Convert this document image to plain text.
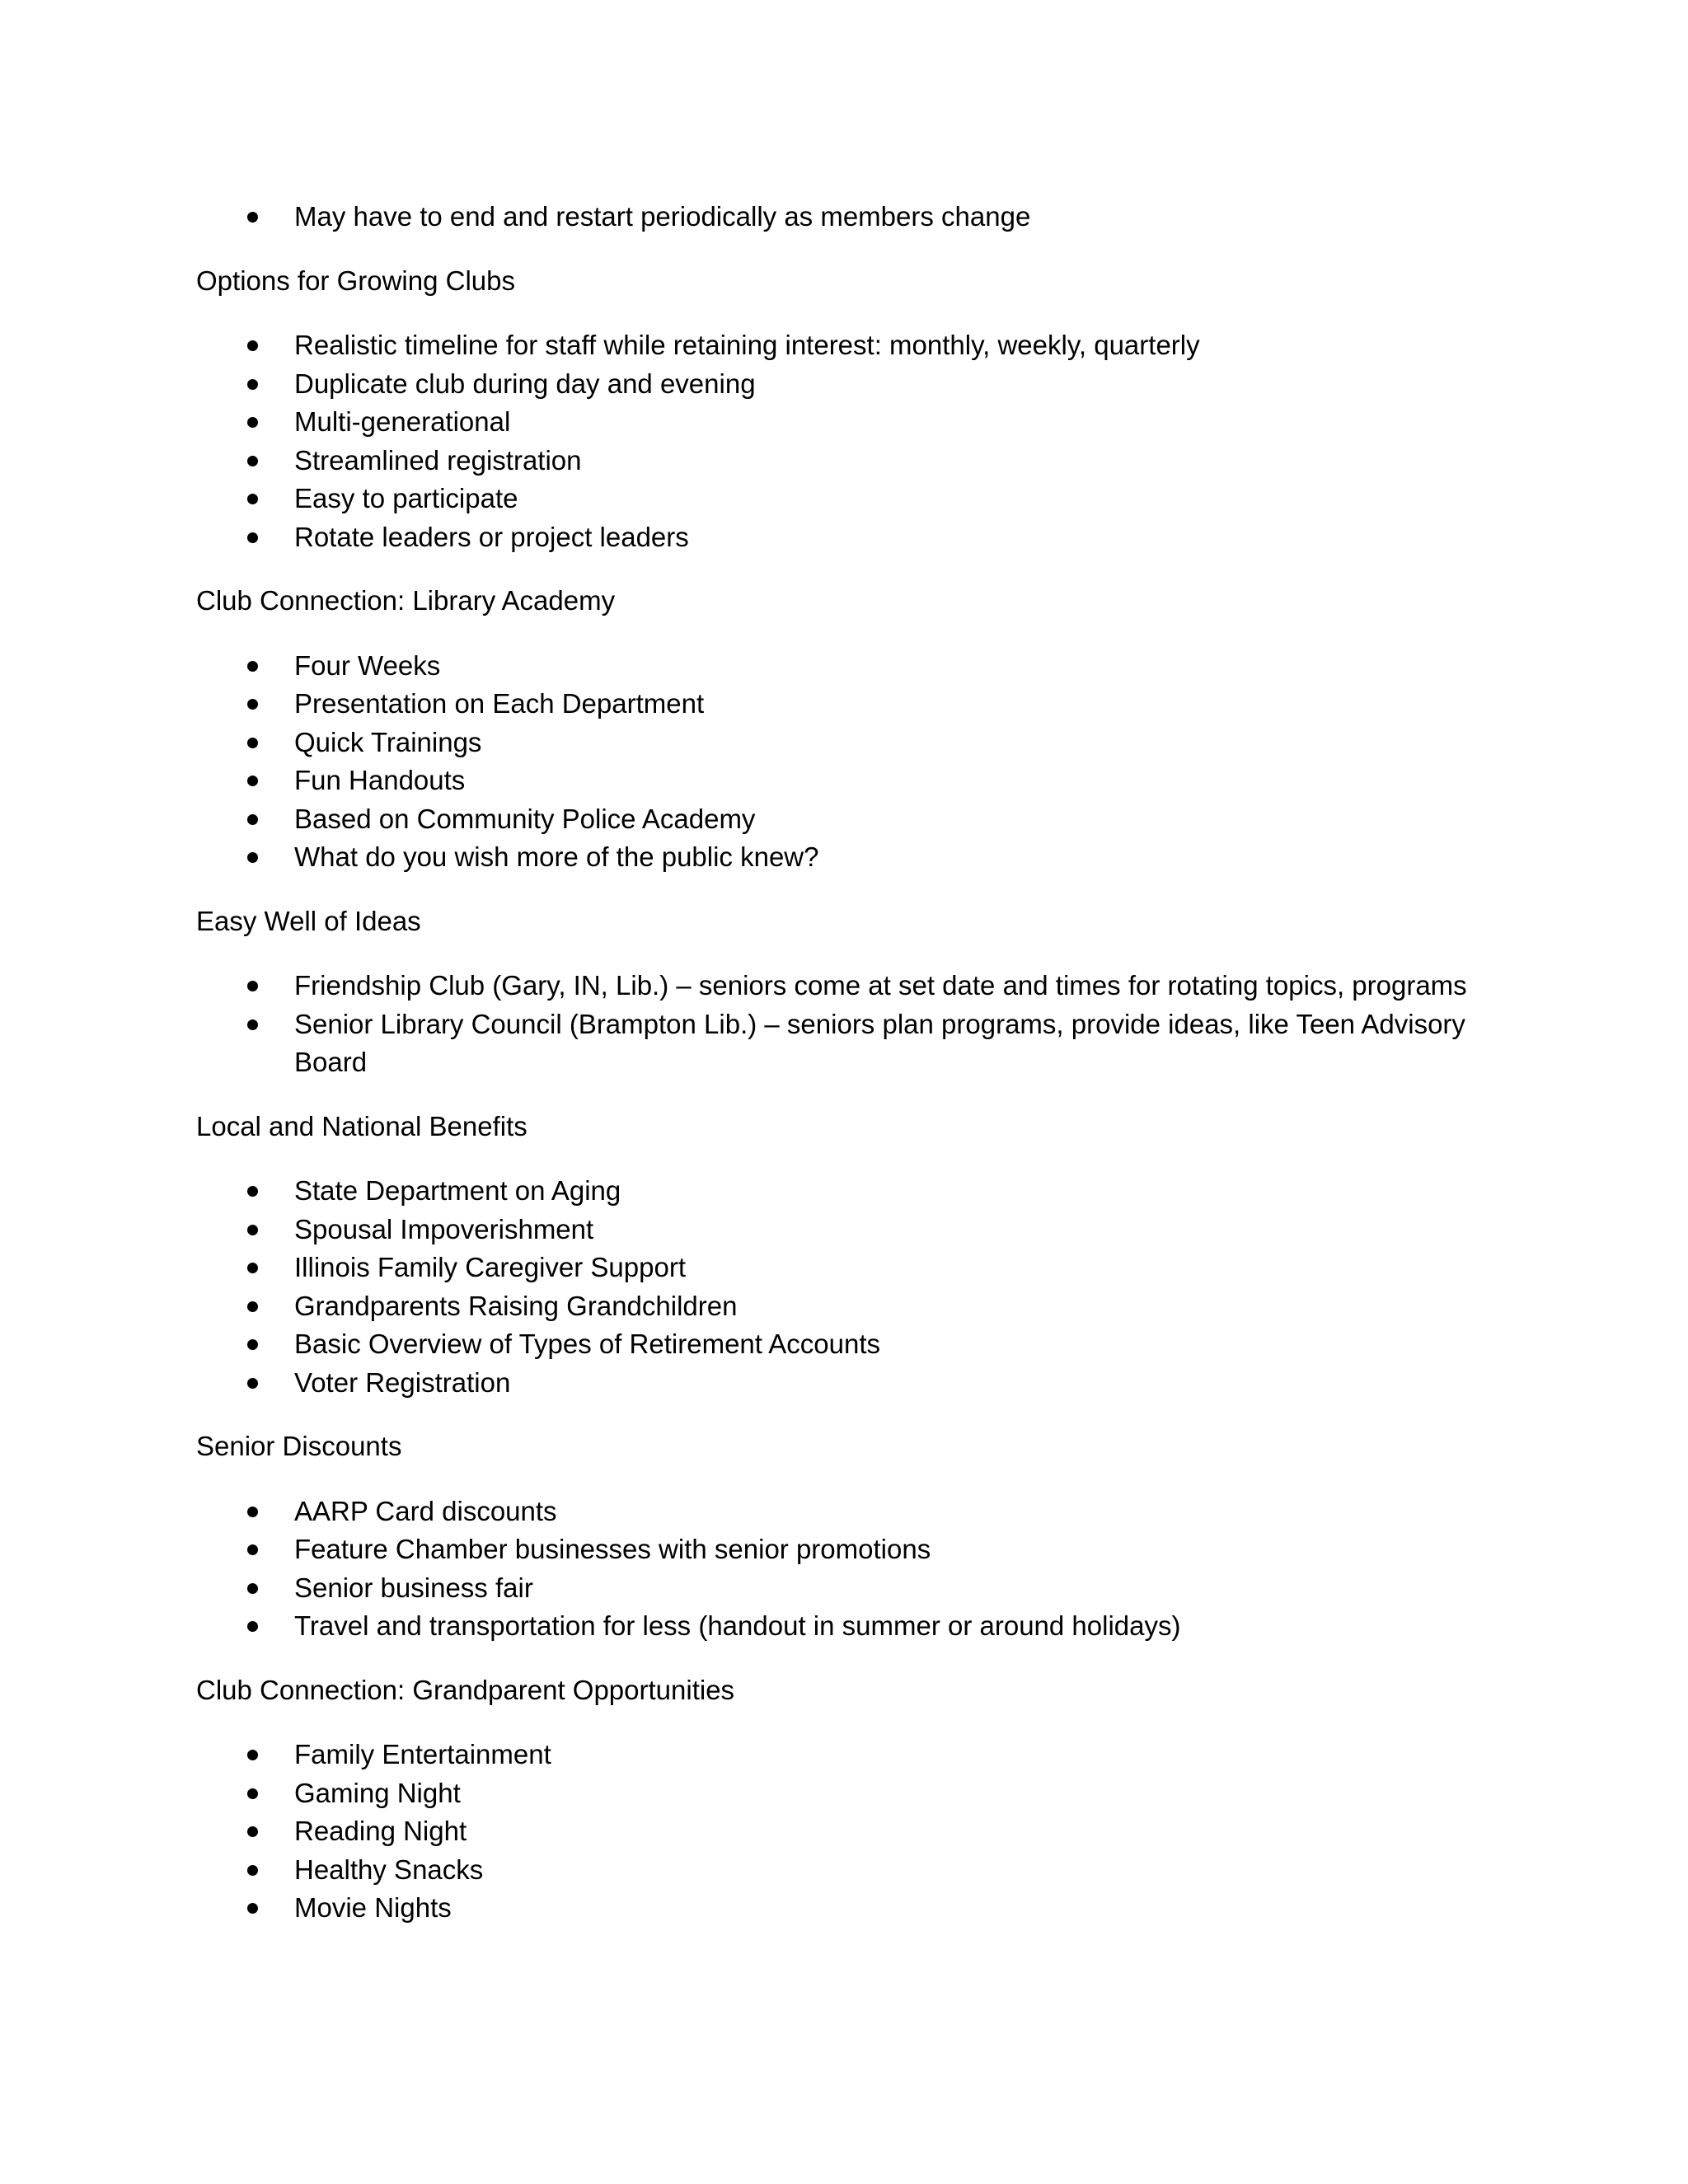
May have to end and restart periodically as members change
Options for Growing Clubs
Realistic timeline for staff while retaining interest: monthly, weekly, quarterly
Duplicate club during day and evening
Multi-generational
Streamlined registration
Easy to participate
Rotate leaders or project leaders
Club Connection: Library Academy
Four Weeks
Presentation on Each Department
Quick Trainings
Fun Handouts
Based on Community Police Academy
What do you wish more of the public knew?
Easy Well of Ideas
Friendship Club (Gary, IN, Lib.) – seniors come at set date and times for rotating topics, programs
Senior Library Council (Brampton Lib.) – seniors plan programs, provide ideas, like Teen Advisory Board
Local and National Benefits
State Department on Aging
Spousal Impoverishment
Illinois Family Caregiver Support
Grandparents Raising Grandchildren
Basic Overview of Types of Retirement Accounts
Voter Registration
Senior Discounts
AARP Card discounts
Feature Chamber businesses with senior promotions
Senior business fair
Travel and transportation for less (handout in summer or around holidays)
Club Connection: Grandparent Opportunities
Family Entertainment
Gaming Night
Reading Night
Healthy Snacks
Movie Nights
